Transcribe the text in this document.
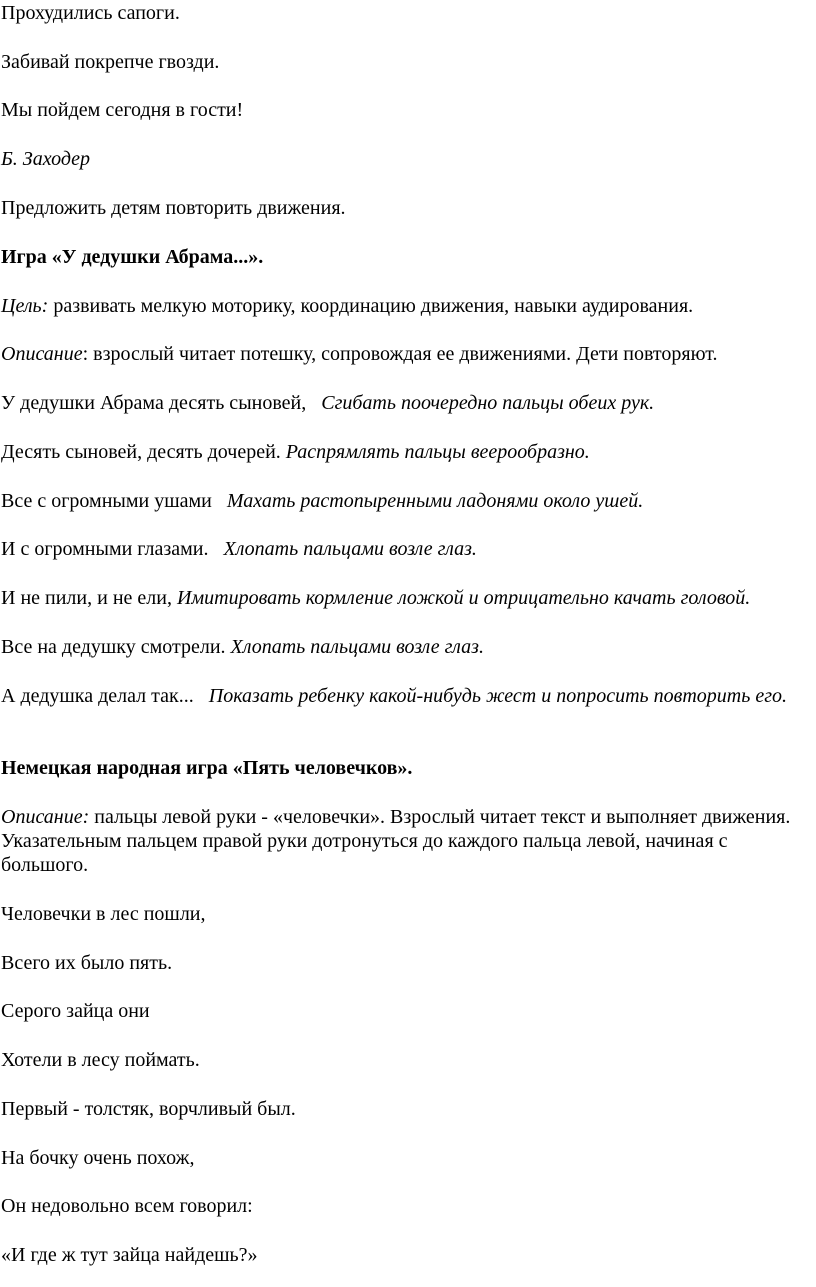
Прохудились сапоги.

Забивай покрепче гвозди.

Мы пойдем сегодня в гости!

Б. Заходер

Предложить детям повторить движения.

Игра «У дедушки Абрама...».

Цель: развивать мелкую моторику, координацию движения, навыки аудирования.

Описание: взрослый читает потешку, сопровождая ее движениями. Дети повторяют.

У дедушки Абрама десять сыновей, Сгибать поочередно пальцы обеих рук.

Десять сыновей, десять дочерей. Распрямлять пальцы веерообразно.

Все с огромными ушами Махать растопыренными ладонями около ушей.

И с огромными глазами. Хлопать пальцами возле глаз.

И не пили, и не ели, Имитировать кормление ложкой и отрицательно качать головой.

Все на дедушку смотрели. Хлопать пальцами возле глаз.

А дедушка делал так... Показать ребенку какой-нибудь жест и попросить повторить его.

Немецкая народная игра «Пять человечков».

Описание: пальцы левой руки - «человечки». Взрослый читает текст и выполняет движения. Указательным пальцем правой руки дотронуться до каждого пальца левой, начиная с большого.

Человечки в лес пошли,

Всего их было пять.

Серого зайца они

Хотели в лесу поймать.

Первый - толстяк, ворчливый был.

На бочку очень похож,

Он недовольно всем говорил:

«И где ж тут зайца найдешь?»
